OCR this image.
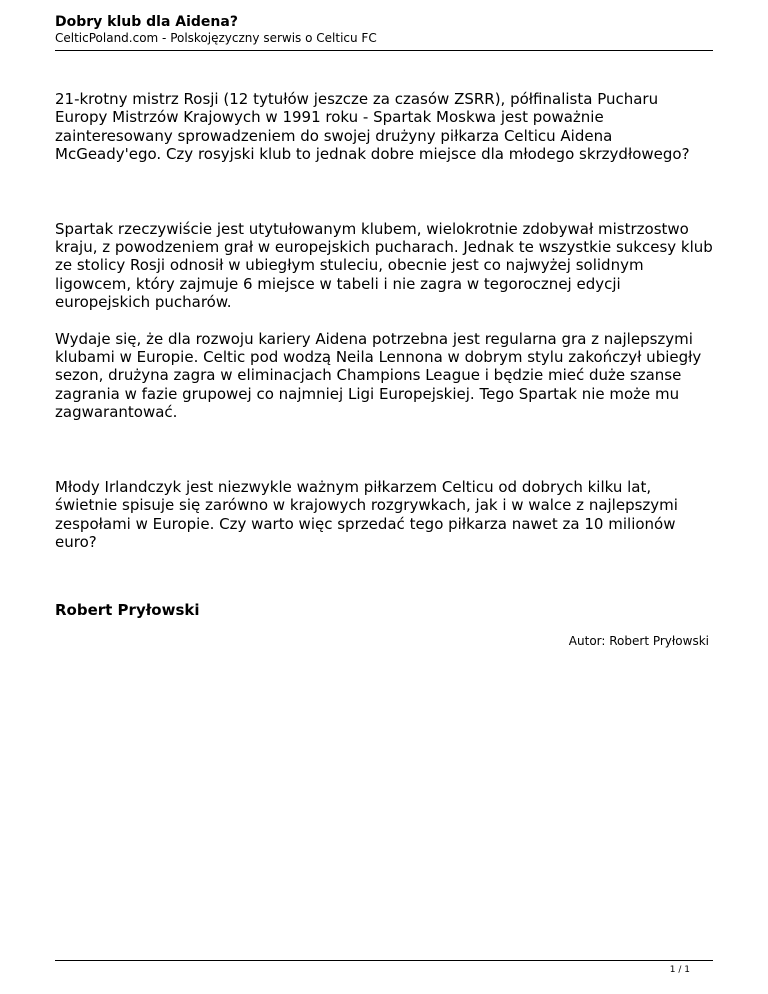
Dobry klub dla Aidena?

CelticPoland.com - Polskojęzyczny serwis o Celticu FC

21-krotny mistrz Rosji (12 tytułów jeszcze za czasów ZSRR), półfinalista Pucharu Europy Mistrzów Krajowych w 1991 roku - Spartak Moskwa jest poważnie zainteresowany sprowadzeniem do swojej drużyny piłkarza Celticu Aidena McGeady'ego. Czy rosyjski klub to jednak dobre miejsce dla młodego skrzydłowego?

Spartak rzeczywiście jest utytułowanym klubem, wielokrotnie zdobywał mistrzostwo kraju, z powodzeniem grał w europejskich pucharach. Jednak te wszystkie sukcesy klub ze stolicy Rosji odnosił w ubiegłym stuleciu, obecnie jest co najwyżej solidnym ligowcem, który zajmuje 6 miejsce w tabeli i nie zagra w tegorocznej edycji europejskich pucharów.

Wydaje się, że dla rozwoju kariery Aidena potrzebna jest regularna gra z najlepszymi klubami w Europie. Celtic pod wodzą Neila Lennona w dobrym stylu zakończył ubiegły sezon, drużyna zagra w eliminacjach Champions League i będzie mieć duże szanse zagrania w fazie grupowej co najmniej Ligi Europejskiej. Tego Spartak nie może mu zagwarantować.

Młody Irlandczyk jest niezwykle ważnym piłkarzem Celticu od dobrych kilku lat, świetnie spisuje się zarówno w krajowych rozgrywkach, jak i w walce z najlepszymi zespołami w Europie. Czy warto więc sprzedać tego piłkarza nawet za 10 milionów euro?

Robert Pryłowski

Autor: Robert Pryłowski
1 / 1
